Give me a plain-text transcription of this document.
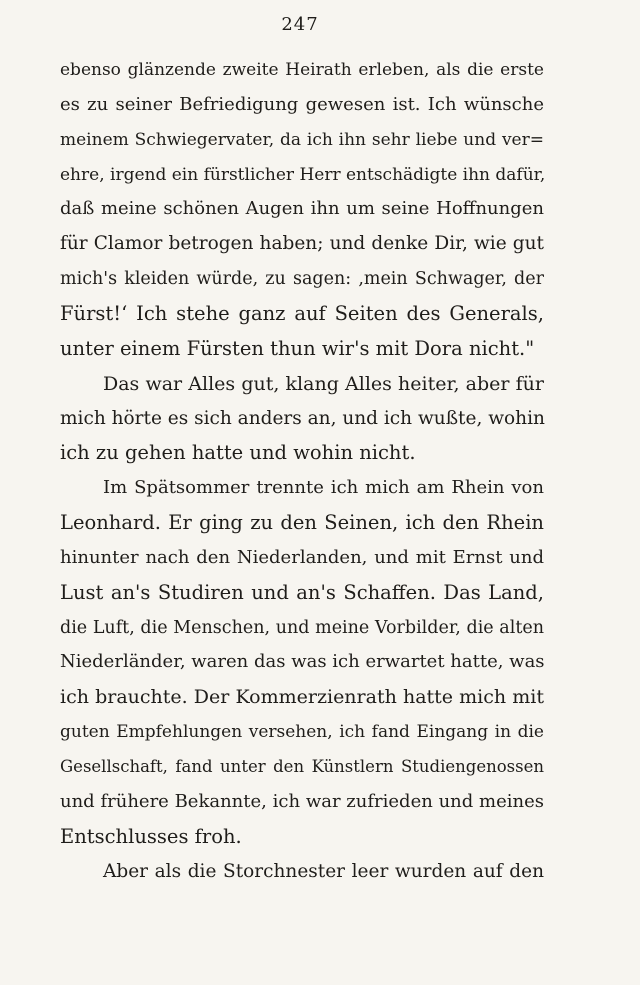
247
ebenso glänzende zweite Heirath erleben, als die erste
es zu seiner Befriedigung gewesen ist. Ich wünsche
meinem Schwiegervater, da ich ihn sehr liebe und ver=
ehre, irgend ein fürstlicher Herr entschädigte ihn dafür,
daß meine schönen Augen ihn um seine Hoffnungen
für Clamor betrogen haben; und denke Dir, wie gut
mich's kleiden würde, zu sagen: ‚mein Schwager, der
Fürst!‘ Ich stehe ganz auf Seiten des Generals,
unter einem Fürsten thun wir's mit Dora nicht."
Das war Alles gut, klang Alles heiter, aber für
mich hörte es sich anders an, und ich wußte, wohin
ich zu gehen hatte und wohin nicht.
Im Spätsommer trennte ich mich am Rhein von
Leonhard. Er ging zu den Seinen, ich den Rhein
hinunter nach den Niederlanden, und mit Ernst und
Lust an's Studiren und an's Schaffen. Das Land,
die Luft, die Menschen, und meine Vorbilder, die alten
Niederländer, waren das was ich erwartet hatte, was
ich brauchte. Der Kommerzienrath hatte mich mit
guten Empfehlungen versehen, ich fand Eingang in die
Gesellschaft, fand unter den Künstlern Studiengenossen
und frühere Bekannte, ich war zufrieden und meines
Entschlusses froh.
Aber als die Storchnester leer wurden auf den
